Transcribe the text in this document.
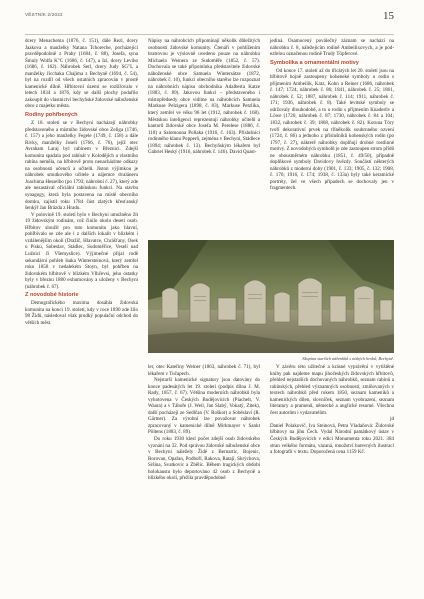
VĚSTNÍK 2/2022	15

dcery Menachema (1876, č. 151), dále Rezl, dcery Jaakova a manželky Natana Tchoreche, pocházející pravděpodobně z Prahy (1684, č. 88), Josefa, syna Šmuly Wolfa K"C (1686, č. 147), a Izi, dcery Leviho (1686, č. 162). Náhrobek Serl, dcery Judy SG"L a manželky Jicchaka Chajima z Bechyně (1694, č. 54), byl na rozdíl od všech ostatních zpracován v prostě kamenické dílně. Hřbitovní území se rozšiřovalo v letech 1834 a 1876, kdy se další plochy podařilo zakoupit do vlastnictví bechyňské židovské náboženské obce z majetku města.

Rodiny pohřbených

Z 18. století se v Bechyni nacházejí náhrobky představeného a místního židovské obce Zeliga (1746, č. 157) a jeho manželky Fegele (1749, č. 158) a dále Rivky, manželky Joseli (1766, č. 76), jejíž otec Avraham Laraj byl rabínem v Březnici. Zdejší komunita spadala pod rabínát v Kolodějích a vlastního rabína neměla, na hřbitově proto nenacházíme odkazy na osobnosti učenců a učitelů. Jiston výjimkou je náhrobek smutkového učitele a nájemce dvaláneru Joachima Hesselbo (po 1793; náhrobní č. 27), který zde ale nezastával oficiální rabínskou funkci. Na stavbu synagogy, která byla postavena na místě obecního domku, zajistil roku 1784 část zlatých křesťanský šenkýř Jan Brázda z Hradu.

V polovině 19. století bylo v Bechyni umožněno žít 19 židovským rodinám, což činilo okolo deseti osob. Hřbitov sloužil pro tuto komunitu jako hlavní, pohřbívalo se zde ale i z dalších lokalit v blízkém i vzdálenějším okolí (Dražíč, Hlavatce, Chrášťany, Osek u Písku, Sobeslav, Stádlec, Sudoměřice, Veselí nad Lužnicí či Všemyslice). Výjimečné přijal rodě sekundární pohřeb Isaka Wintersteinová, který zemřel roku 1858 v nedalekém Stoyn, byl pohřben na židovském hřbitově v blízkém Vlhčevsi, jeho ostatky byly v březnu 1880 exhumovány a uloženy v Bechyni (náhrobek č. 67).

Z novodobé historie

Demografického maxima dosáhla židovská komunita na konci 19. století, kdy v roce 1890 zde žilo 98 Židů, následoval však prudký populační odchod do větších měst.

Nápisy na náhrobcích připomínají několik důležitých osobností židovské komunity. Čtenáři v pohlížením bratrovou je výslovně uvedeno pouze na náhrobku Michaela Weinera ze Sudoměře (1852, č. 57). Dochovala se také připomínka představitele židovské náboženské obce Samuela Wintersätze (1872, náhrobek č. 10), funkci obecního starého lze rozpoznat na náhrobních nápisu obchodníka Adalberta Katze (1883, č. 89). Jakovou funkci – představeného i místopředsedy obce vidíme na náhrobcích Samuela Markuse Pelzigera (1898, č. 83), Markuse Petzlika, který zemřel ve věku 96 let (1912, náhrobek č. 168). Městskou inteligenci reprezentují náhrobky učitelů a kantorů židovské obce Josefa M. Perelese (1886, č. 118) a Salomouna Pollaka (1916, č. 163). Příslušníci rodinného klanu Popperů, zejména v Bechyni, Stádlece (1894; náhrobek č. 13). Bechyňským lékařem byl Gabriel Heský (1916, náhrobek č. 146). David Quast-

Skupina starších náhrobků s nízkých hrobů, Bechyně.

ler, otec Kateřiny Weiner (1863, náhrobek č. 71), byl lékařem v Tučapech.

Nejstarší kamenické signatury jsou datovány do konce padesátých let 19. století (podpis dílna J. M. Rady, 1857, č. 67). Většina moderních náhrobků byla vyhotovena v Českých Budějovicích (Piachelt, V. Waara) a v Táboře (J. Weil, Jan Slabý, Vokatý, Zitek), další pocházejí ze Sedlčan (V. Roškot) a Soběslavi (R. Gärtner). Za výrobní lze považovat náhrobek zpracovaný v kamenické dílně Mirkmayer v Sankt Pöltens (1883, č. 89).

Do roku 1930 klesl počet zdejší osob židovského vyznání na 32. Pod správou židovské náboženské obce v Bechyni náležely Židé z Bernartic, Bojenic, Borovan, Opařan, Podboří, Rakova, Ratají, Skrýchova, Sršina, Svatkovic a Zbělic. Během tragických období holokaustu bylo deportováno 42 osob z Bechyně a blízkého okolí, přežila pravděpodobně

jediná. Osamocený poválečný záznam se nachází na náhrobku č. 8, náležejícím rodině Ambeilixovych, a je podezřelou označenou rodině Trudy Töpferové.

Symbolika a ornamentální motivy

Od konce 17. století až do třicátých let 20. století jsou na hřbitově hojně zastoupeny koheneké symboly u rodin s příjmením Ambeilik, Katz, Kohn a Reiner (1686, náhrobek č. 147; 1724, náhrobek č. 86; 1841, náhrobek č. 25; 1861, náhrobek č. 52; 1887, náhrobek č. 114; 1911, náhrobek č. 171; 1936, náhrobek č. 8). Také levitské symboly se udržovaly dlouhodobě, a to u rodin s příjmením Knaderův a Löwe (1720, náhrobek č. 87; 1730, náhrobek č. 84 a 104; 1832, náhrobek č. 39; 1868, náhrobek č. 82). Koruna Tóry tvoří dekorativní prvek na tříněkolik souhrnného ozvení (1724, č. 86) a jednoho z příslušníků kohenských rodin (po 1797, č. 27), nákterě náhrobky doplňují drobné rostlinné motivy. Z novodobých symbolů je zde zastoupen strom přídů ne obousměrném náhrobku (1851, č. 49/50), případně doplňkové symboly Davidovy hvězdy. Součástí některých náhrobků z moderní doby (1901, č. 133; 1905, č. 132; 1908, č. 176; 1916, č. 174; 1938, č. 133a) byly také keramické portréty, žel ve všech případech se dochovaly jen v fragmentech.

V závěru této užitečné a krásné vyprávění v vytištěné knihy pak najdeme mapu jihočeských židovských hřbitovů, přehled nejstarších dochovaných náhrobků, seznam rabínů a rabínských, přehled významných osobností, zmiňovaných v textech náhrobků před rokem 1850, seznam kameníků a kamenických dílen, slovníček, seznam vyobrazení, seznam literatury a pramenů, německé a anglické resumé. Všechna čest autorům i vydavatelům.

jd

Daniel Polakovič, Iva Steinová, Petra Vladaňová: Židovské hřbitovy na jihu Čech. Vydal Národní památkový ústav v Českých Budějovicích v edici Monumenta roku 2021. 384 stran velkého formátu, vázaná, množství barevných ilustrací a fotografií v textu. Doporučená cena 1159 Kč.
